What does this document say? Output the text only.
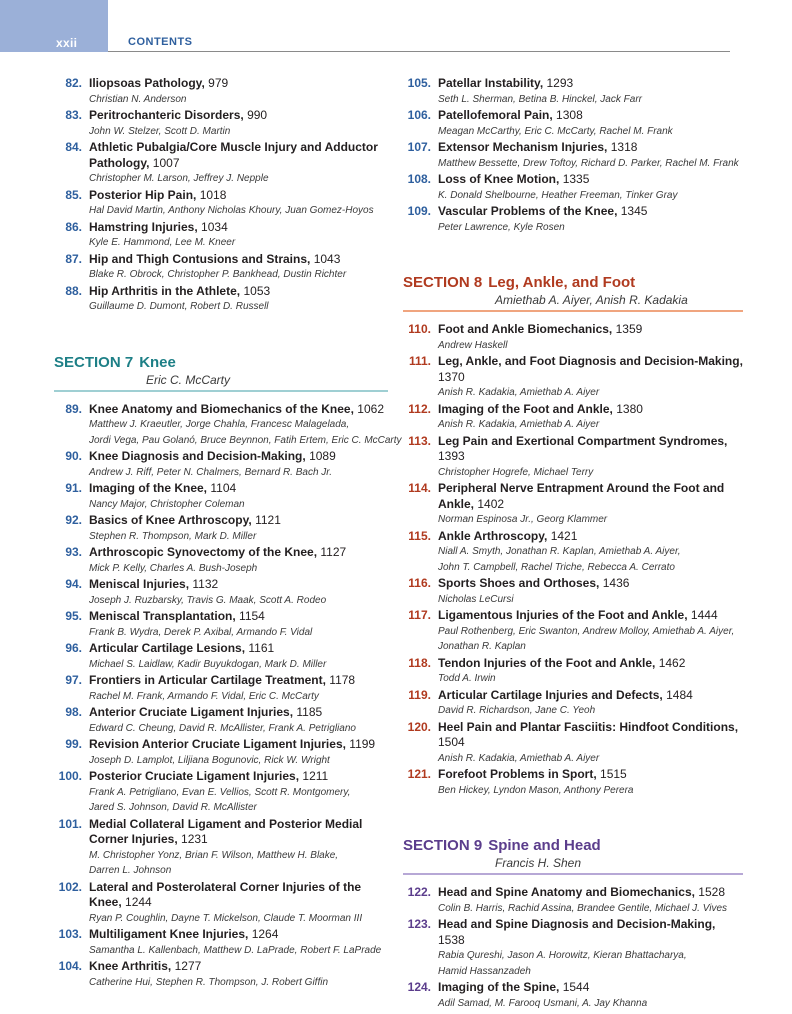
xxii	CONTENTS
82. Iliopsoas Pathology, 979
Christian N. Anderson
83. Peritrochanteric Disorders, 990
John W. Stelzer, Scott D. Martin
84. Athletic Pubalgia/Core Muscle Injury and Adductor Pathology, 1007
Christopher M. Larson, Jeffrey J. Nepple
85. Posterior Hip Pain, 1018
Hal David Martin, Anthony Nicholas Khoury, Juan Gomez-Hoyos
86. Hamstring Injuries, 1034
Kyle E. Hammond, Lee M. Kneer
87. Hip and Thigh Contusions and Strains, 1043
Blake R. Obrock, Christopher P. Bankhead, Dustin Richter
88. Hip Arthritis in the Athlete, 1053
Guillaume D. Dumont, Robert D. Russell
SECTION 7 Knee
Eric C. McCarty
89. Knee Anatomy and Biomechanics of the Knee, 1062
Matthew J. Kraeutler, Jorge Chahla, Francesc Malagelada,
Jordi Vega, Pau Golanó, Bruce Beynnon, Fatih Ertem, Eric C. McCarty
90. Knee Diagnosis and Decision-Making, 1089
Andrew J. Riff, Peter N. Chalmers, Bernard R. Bach Jr.
91. Imaging of the Knee, 1104
Nancy Major, Christopher Coleman
92. Basics of Knee Arthroscopy, 1121
Stephen R. Thompson, Mark D. Miller
93. Arthroscopic Synovectomy of the Knee, 1127
Mick P. Kelly, Charles A. Bush-Joseph
94. Meniscal Injuries, 1132
Joseph J. Ruzbarsky, Travis G. Maak, Scott A. Rodeo
95. Meniscal Transplantation, 1154
Frank B. Wydra, Derek P. Axibal, Armando F. Vidal
96. Articular Cartilage Lesions, 1161
Michael S. Laidlaw, Kadir Buyukdogan, Mark D. Miller
97. Frontiers in Articular Cartilage Treatment, 1178
Rachel M. Frank, Armando F. Vidal, Eric C. McCarty
98. Anterior Cruciate Ligament Injuries, 1185
Edward C. Cheung, David R. McAllister, Frank A. Petrigliano
99. Revision Anterior Cruciate Ligament Injuries, 1199
Joseph D. Lamplot, Liljiana Bogunovic, Rick W. Wright
100. Posterior Cruciate Ligament Injuries, 1211
Frank A. Petrigliano, Evan E. Vellios, Scott R. Montgomery,
Jared S. Johnson, David R. McAllister
101. Medial Collateral Ligament and Posterior Medial Corner Injuries, 1231
M. Christopher Yonz, Brian F. Wilson, Matthew H. Blake,
Darren L. Johnson
102. Lateral and Posterolateral Corner Injuries of the Knee, 1244
Ryan P. Coughlin, Dayne T. Mickelson, Claude T. Moorman III
103. Multiligament Knee Injuries, 1264
Samantha L. Kallenbach, Matthew D. LaPrade, Robert F. LaPrade
104. Knee Arthritis, 1277
Catherine Hui, Stephen R. Thompson, J. Robert Giffin
105. Patellar Instability, 1293
Seth L. Sherman, Betina B. Hinckel, Jack Farr
106. Patellofemoral Pain, 1308
Meagan McCarthy, Eric C. McCarty, Rachel M. Frank
107. Extensor Mechanism Injuries, 1318
Matthew Bessette, Drew Toftoy, Richard D. Parker, Rachel M. Frank
108. Loss of Knee Motion, 1335
K. Donald Shelbourne, Heather Freeman, Tinker Gray
109. Vascular Problems of the Knee, 1345
Peter Lawrence, Kyle Rosen
SECTION 8 Leg, Ankle, and Foot
Amiethab A. Aiyer, Anish R. Kadakia
110. Foot and Ankle Biomechanics, 1359
Andrew Haskell
111. Leg, Ankle, and Foot Diagnosis and Decision-Making, 1370
Anish R. Kadakia, Amiethab A. Aiyer
112. Imaging of the Foot and Ankle, 1380
Anish R. Kadakia, Amiethab A. Aiyer
113. Leg Pain and Exertional Compartment Syndromes, 1393
Christopher Hogrefe, Michael Terry
114. Peripheral Nerve Entrapment Around the Foot and Ankle, 1402
Norman Espinosa Jr., Georg Klammer
115. Ankle Arthroscopy, 1421
Niall A. Smyth, Jonathan R. Kaplan, Amiethab A. Aiyer,
John T. Campbell, Rachel Triche, Rebecca A. Cerrato
116. Sports Shoes and Orthoses, 1436
Nicholas LeCursi
117. Ligamentous Injuries of the Foot and Ankle, 1444
Paul Rothenberg, Eric Swanton, Andrew Molloy, Amiethab A. Aiyer,
Jonathan R. Kaplan
118. Tendon Injuries of the Foot and Ankle, 1462
Todd A. Irwin
119. Articular Cartilage Injuries and Defects, 1484
David R. Richardson, Jane C. Yeoh
120. Heel Pain and Plantar Fasciitis: Hindfoot Conditions, 1504
Anish R. Kadakia, Amiethab A. Aiyer
121. Forefoot Problems in Sport, 1515
Ben Hickey, Lyndon Mason, Anthony Perera
SECTION 9 Spine and Head
Francis H. Shen
122. Head and Spine Anatomy and Biomechanics, 1528
Colin B. Harris, Rachid Assina, Brandee Gentile, Michael J. Vives
123. Head and Spine Diagnosis and Decision-Making, 1538
Rabia Qureshi, Jason A. Horowitz, Kieran Bhattacharya,
Hamid Hassanzadeh
124. Imaging of the Spine, 1544
Adil Samad, M. Farooq Usmani, A. Jay Khanna
